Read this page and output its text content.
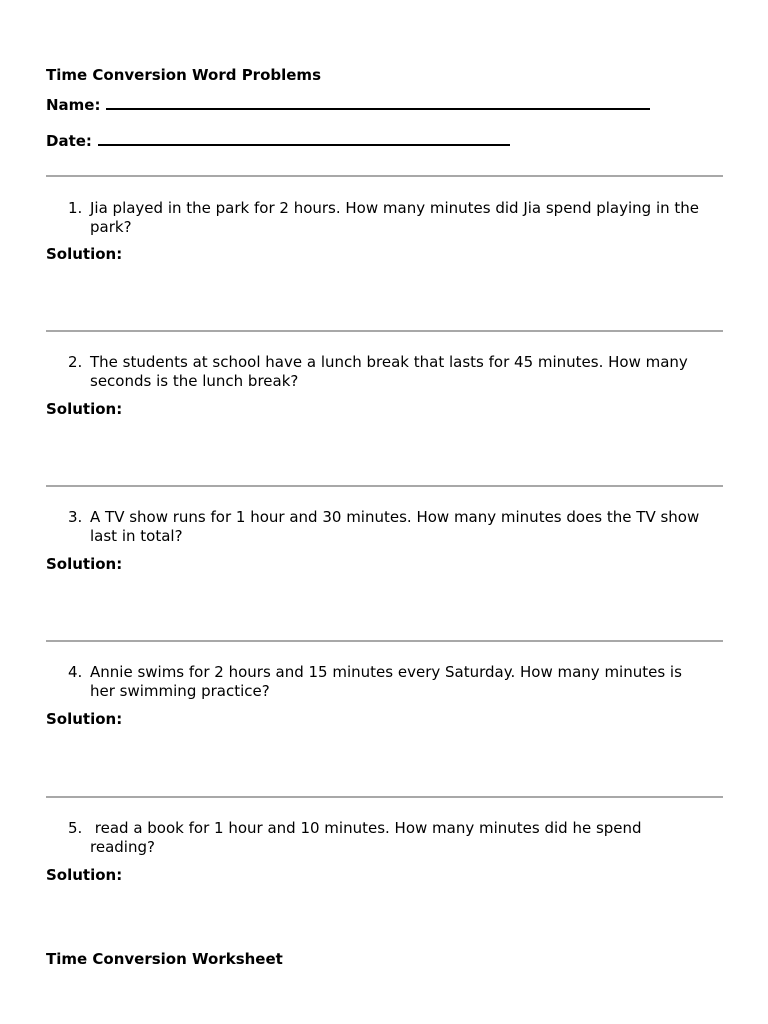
Time Conversion Word Problems
Name:
Date:
1. Jia played in the park for 2 hours. How many minutes did Jia spend playing in the park?
Solution:
2. The students at school have a lunch break that lasts for 45 minutes. How many seconds is the lunch break?
Solution:
3. A TV show runs for 1 hour and 30 minutes. How many minutes does the TV show last in total?
Solution:
4. Annie swims for 2 hours and 15 minutes every Saturday. How many minutes is her swimming practice?
Solution:
5. read a book for 1 hour and 10 minutes. How many minutes did he spend reading?
Solution:
Time Conversion Worksheet
